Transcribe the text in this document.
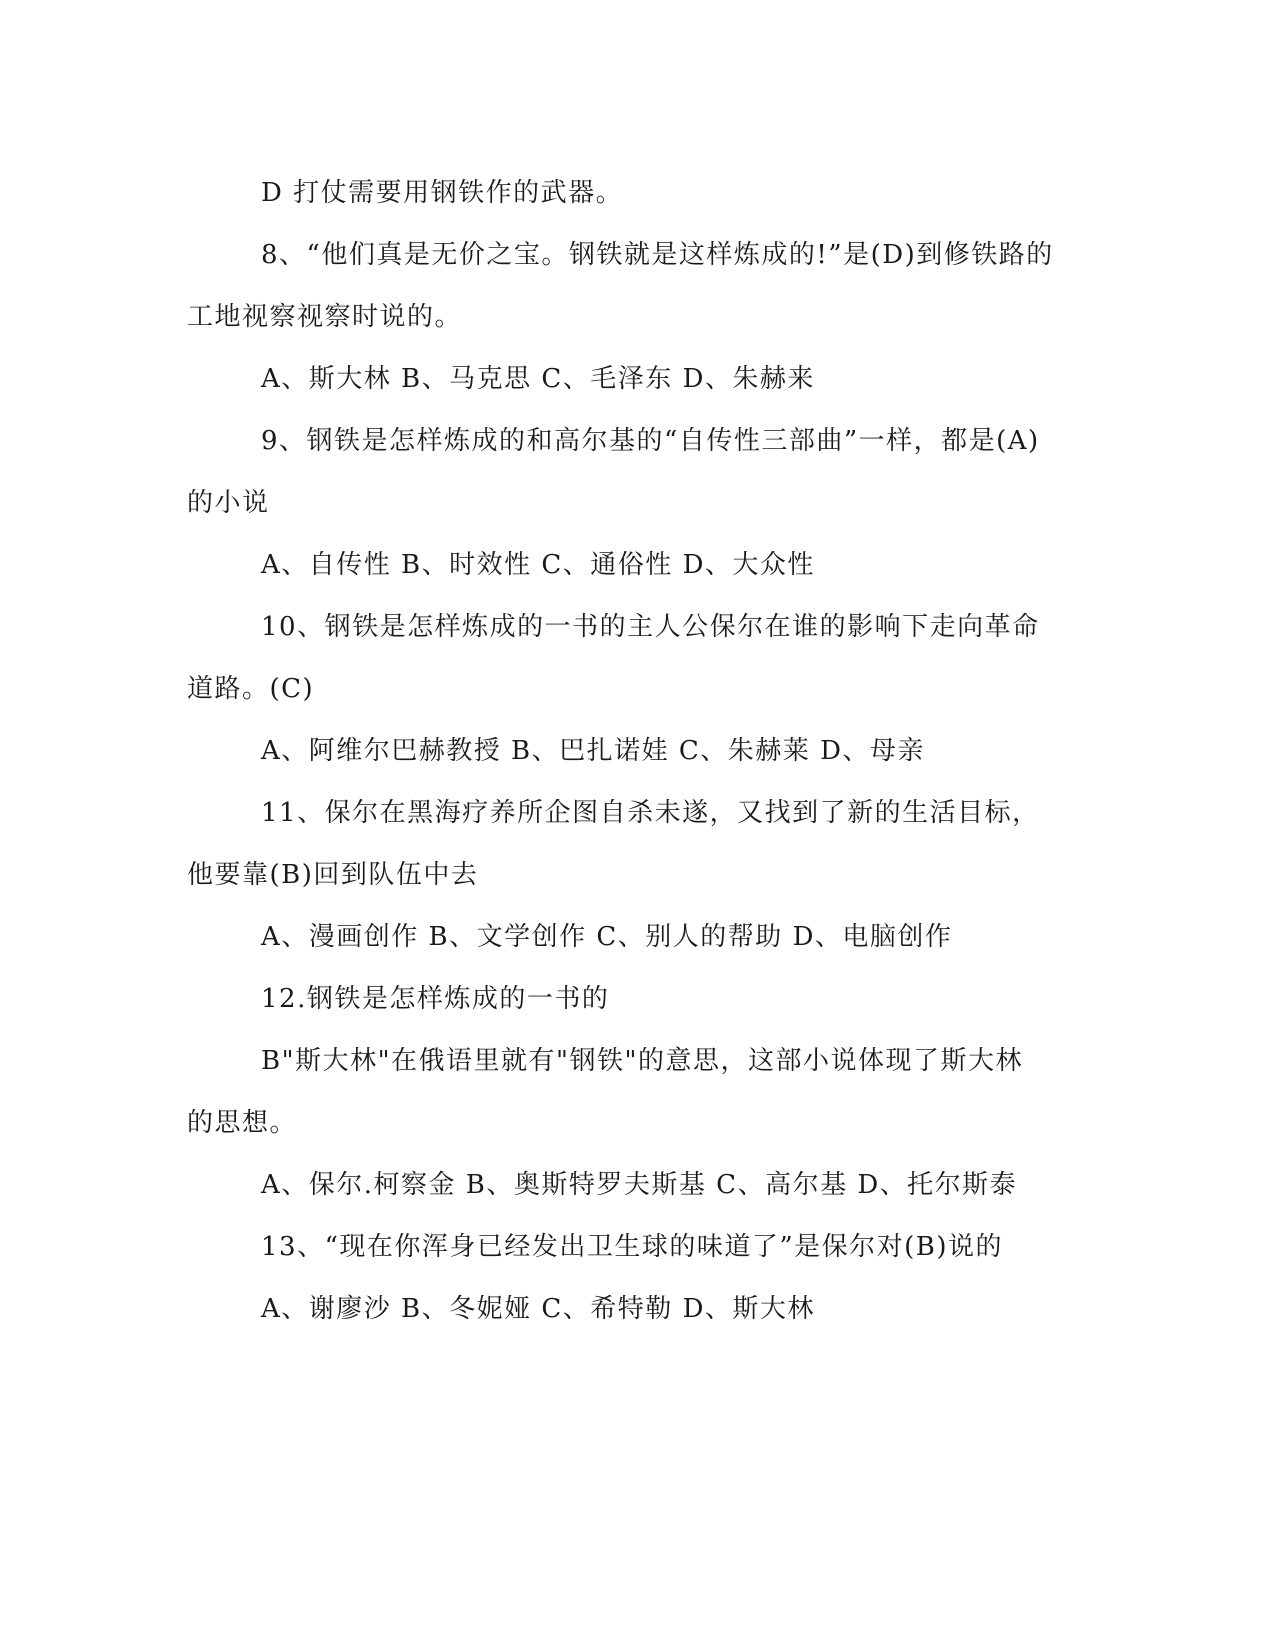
D 打仗需要用钢铁作的武器。

8、“他们真是无价之宝。钢铁就是这样炼成的!”是(D)到修铁路的

工地视察视察时说的。

A、斯大林 B、马克思 C、毛泽东 D、朱赫来

9、钢铁是怎样炼成的和高尔基的“自传性三部曲”一样，都是(A)

的小说

A、自传性 B、时效性 C、通俗性 D、大众性

10、钢铁是怎样炼成的一书的主人公保尔在谁的影响下走向革命

道路。(C)

A、阿维尔巴赫教授 B、巴扎诺娃 C、朱赫莱 D、母亲

11、保尔在黑海疗养所企图自杀未遂，又找到了新的生活目标，

他要靠(B)回到队伍中去

A、漫画创作 B、文学创作 C、别人的帮助 D、电脑创作

12.钢铁是怎样炼成的一书的

B"斯大林"在俄语里就有"钢铁"的意思，这部小说体现了斯大林

的思想。

A、保尔.柯察金 B、奥斯特罗夫斯基 C、高尔基 D、托尔斯泰

13、“现在你浑身已经发出卫生球的味道了”是保尔对(B)说的

A、谢廖沙 B、冬妮娅 C、希特勒 D、斯大林
